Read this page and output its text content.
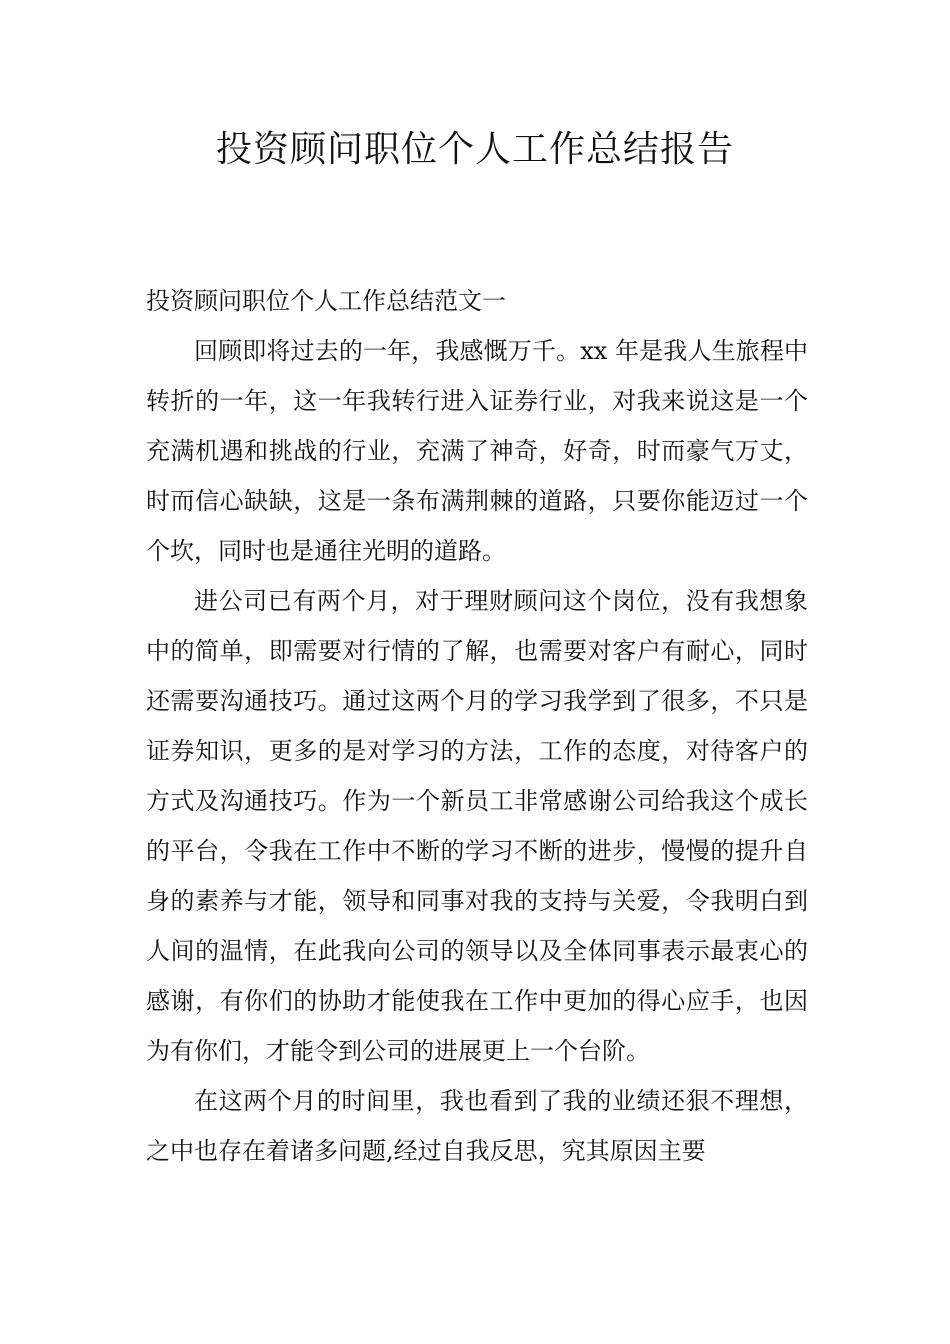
投资顾问职位个人工作总结报告

投资顾问职位个人工作总结范文一

回顾即将过去的一年，我感慨万千。xx 年是我人生旅程中转折的一年，这一年我转行进入证券行业，对我来说这是一个充满机遇和挑战的行业，充满了神奇，好奇，时而豪气万丈，时而信心缺缺，这是一条布满荆棘的道路，只要你能迈过一个个坎，同时也是通往光明的道路。

进公司已有两个月，对于理财顾问这个岗位，没有我想象中的简单，即需要对行情的了解，也需要对客户有耐心，同时还需要沟通技巧。通过这两个月的学习我学到了很多，不只是证券知识，更多的是对学习的方法，工作的态度，对待客户的方式及沟通技巧。作为一个新员工非常感谢公司给我这个成长的平台，令我在工作中不断的学习不断的进步，慢慢的提升自身的素养与才能，领导和同事对我的支持与关爱，令我明白到人间的温情，在此我向公司的领导以及全体同事表示最衷心的感谢，有你们的协助才能使我在工作中更加的得心应手，也因为有你们，才能令到公司的进展更上一个台阶。

在这两个月的时间里，我也看到了我的业绩还狠不理想，之中也存在着诸多问题,经过自我反思，究其原因主要
